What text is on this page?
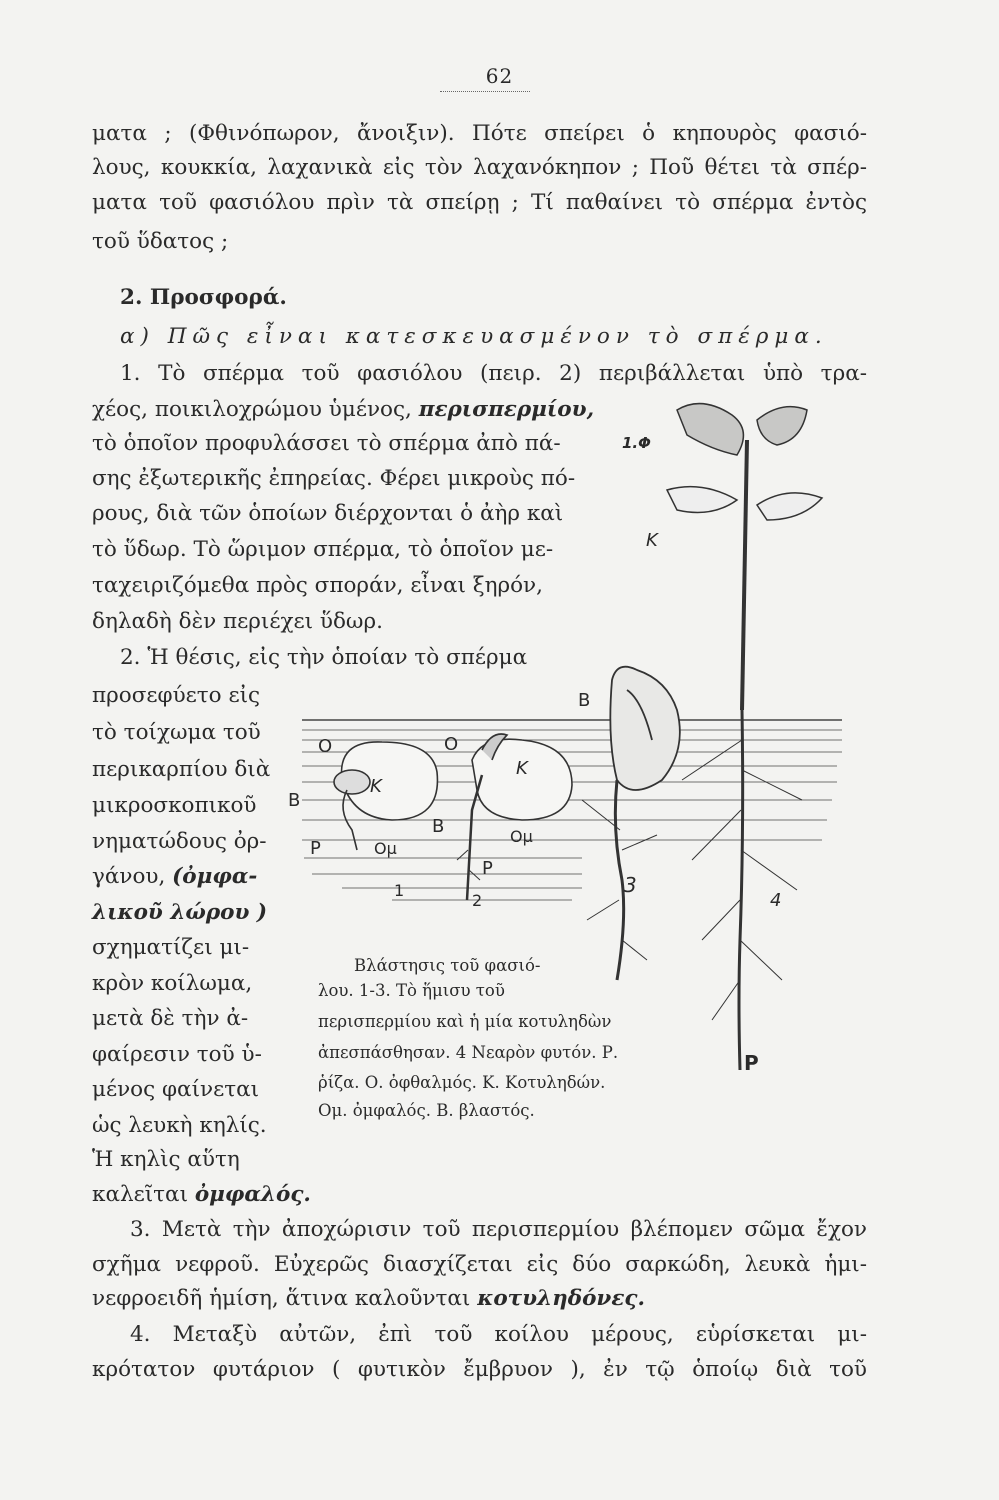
62
ματα ; (Φθινόπωρον, ἄνοιξιν). Πότε σπείρει ὁ κηπουρὸς φασιό-
λους, κουκκία, λαχανικὰ εἰς τὸν λαχανόκηπον ; Ποῦ θέτει τὰ σπέρ-
ματα τοῦ φασιόλου πρὶν τὰ σπείρῃ ; Τί παθαίνει τὸ σπέρμα ἐντὸς
τοῦ ὕδατος ;
2. Προσφορά.
α) Πῶς εἶναι κατεσκευασμένον τὸ σπέρμα.
1. Τὸ σπέρμα τοῦ φασιόλου (πειρ. 2) περιβάλλεται ὑπὸ τρα-
χέος, ποικιλοχρώμου ὑμένος, περισπερμίου,
τὸ ὁποῖον προφυλάσσει τὸ σπέρμα ἀπὸ πά-
σης ἐξωτερικῆς ἐπηρείας. Φέρει μικροὺς πό-
ρους, διὰ τῶν ὁποίων διέρχονται ὁ ἀὴρ καὶ
τὸ ὕδωρ. Τὸ ὥριμον σπέρμα, τὸ ὁποῖον με-
ταχειριζόμεθα πρὸς σποράν, εἶναι ξηρόν,
δηλαδὴ δὲν περιέχει ὕδωρ.
2. Ἡ θέσις, εἰς τὴν ὁποίαν τὸ σπέρμα
προσεφύετο εἰς
τὸ τοίχωμα τοῦ
περικαρπίου διὰ
μικροσκοπικοῦ
νηματώδους ὀρ-
γάνου, (ὀμφα-
λικοῦ λώρου )
σχηματίζει μι-
κρὸν κοίλωμα,
μετὰ δὲ τὴν ἀ-
φαίρεσιν τοῦ ὑ-
μένος φαίνεται
ὡς λευκὴ κηλίς.
Ἡ κηλὶς αὕτη
καλεῖται ὀμφαλός.
Ο
Κ
Β
Ρ	Ομ
1
Ο
Κ
Β	Ομ
Ρ
2
Β
3
1.Φ
Κ
4
Ρ
Βλάστησις τοῦ φασιό-
λου. 1-3. Τὸ ἥμισυ τοῦ
περισπερμίου καὶ ἡ μία κοτυληδὼν
ἀπεσπάσθησαν. 4 Νεαρὸν φυτόν. Ρ.
ῥίζα. Ο. ὀφθαλμός. Κ. Κοτυληδών.
Ομ. ὀμφαλός. Β. βλαστός.
3. Μετὰ τὴν ἀποχώρισιν τοῦ περισπερμίου βλέπομεν σῶμα ἔχον
σχῆμα νεφροῦ. Εὐχερῶς διασχίζεται εἰς δύο σαρκώδη, λευκὰ ἡμι-
νεφροειδῆ ἡμίση, ἅτινα καλοῦνται κοτυληδόνες.
4. Μεταξὺ αὐτῶν, ἐπὶ τοῦ κοίλου μέρους, εὑρίσκεται μι-
κρότατον φυτάριον ( φυτικὸν ἔμβρυον ), ἐν τῷ ὁποίῳ διὰ τοῦ
